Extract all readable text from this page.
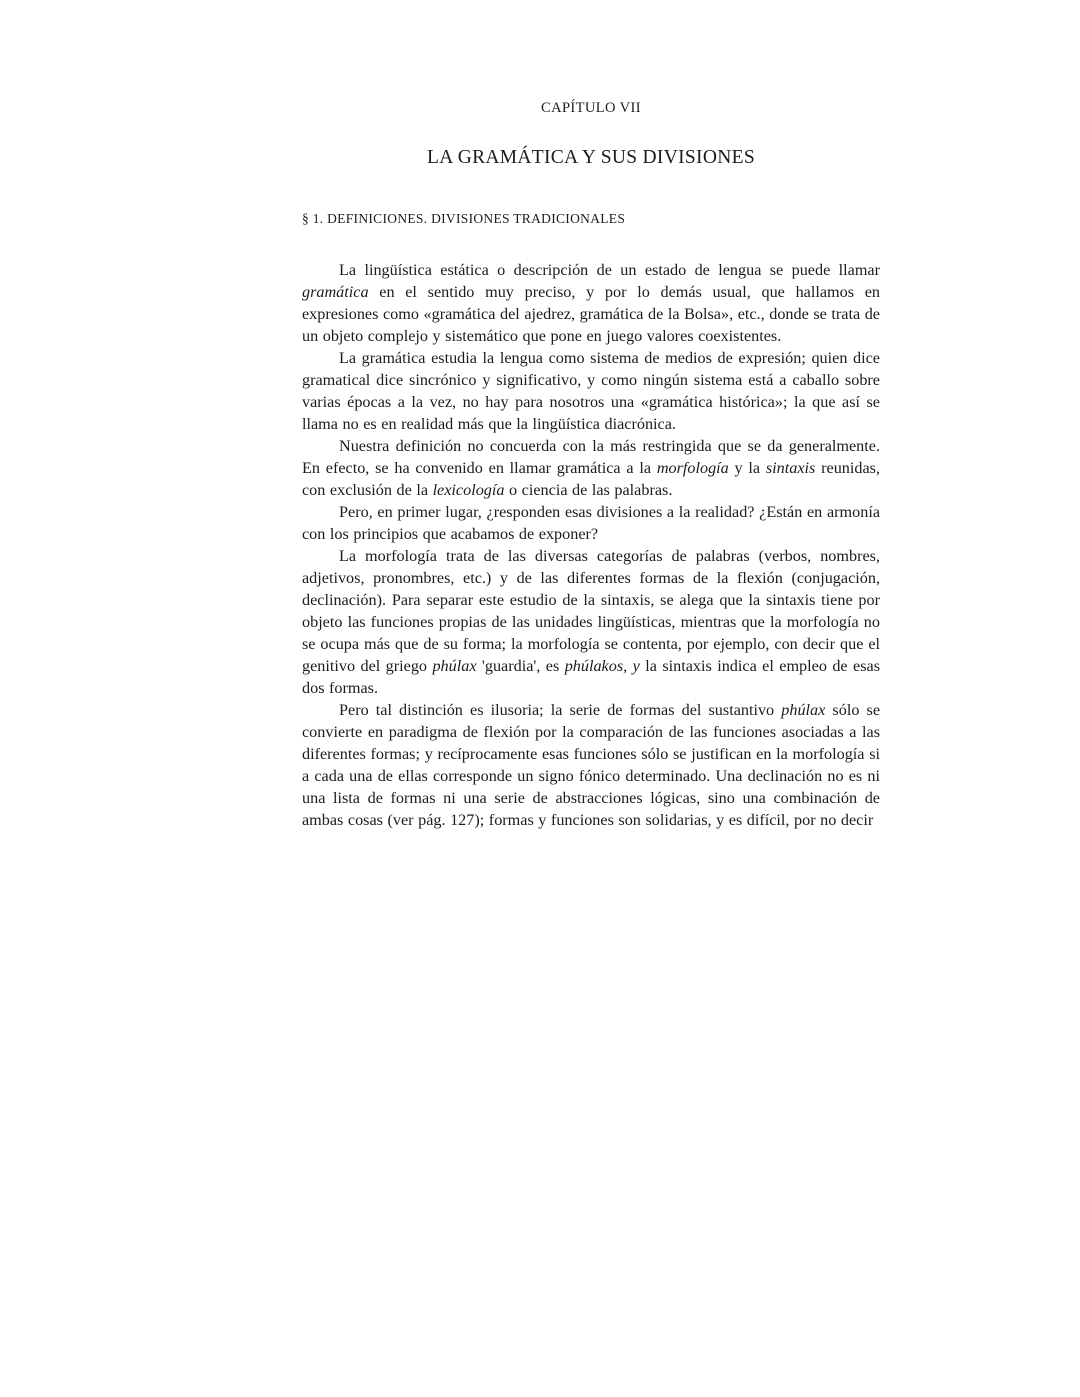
CAPÍTULO VII

LA GRAMÁTICA Y SUS DIVISIONES

§ 1. DEFINICIONES. DIVISIONES TRADICIONALES

La lingüística estática o descripción de un estado de lengua se puede llamar gramática en el sentido muy preciso, y por lo demás usual, que hallamos en expresiones como «gramática del ajedrez, gramática de la Bolsa», etc., donde se trata de un objeto complejo y sistemático que pone en juego valores coexistentes.

La gramática estudia la lengua como sistema de medios de expresión; quien dice gramatical dice sincrónico y significativo, y como ningún sistema está a caballo sobre varias épocas a la vez, no hay para nosotros una «gramática histórica»; la que así se llama no es en realidad más que la lingüística diacrónica.

Nuestra definición no concuerda con la más restringida que se da generalmente. En efecto, se ha convenido en llamar gramática a la morfología y la sintaxis reunidas, con exclusión de la lexicología o ciencia de las palabras.

Pero, en primer lugar, ¿responden esas divisiones a la realidad? ¿Están en armonía con los principios que acabamos de exponer?

La morfología trata de las diversas categorías de palabras (verbos, nombres, adjetivos, pronombres, etc.) y de las diferentes formas de la flexión (conjugación, declinación). Para separar este estudio de la sintaxis, se alega que la sintaxis tiene por objeto las funciones propias de las unidades lingüísticas, mientras que la morfología no se ocupa más que de su forma; la morfología se contenta, por ejemplo, con decir que el genitivo del griego phúlax 'guardia', es phúlakos, y la sintaxis indica el empleo de esas dos formas.

Pero tal distinción es ilusoria; la serie de formas del sustantivo phúlax sólo se convierte en paradigma de flexión por la comparación de las funciones asociadas a las diferentes formas; y recíprocamente esas funciones sólo se justifican en la morfología si a cada una de ellas corresponde un signo fónico determinado. Una declinación no es ni una lista de formas ni una serie de abstracciones lógicas, sino una combinación de ambas cosas (ver pág. 127); formas y funciones son solidarias, y es difícil, por no decir
